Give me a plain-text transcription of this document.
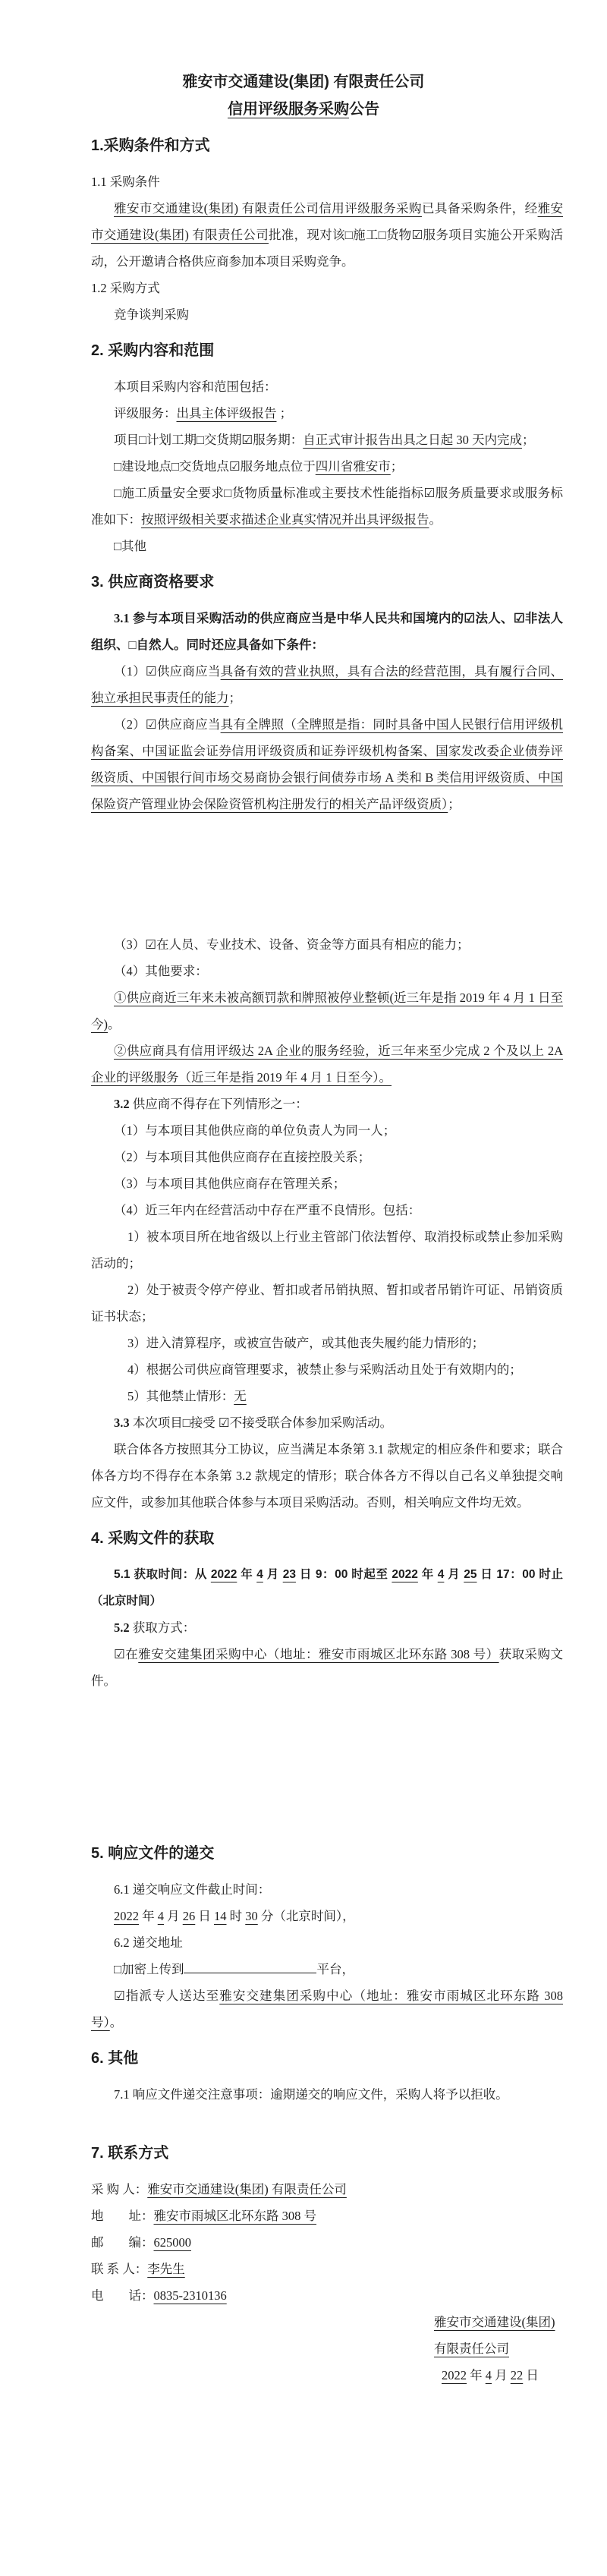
雅安市交通建设(集团) 有限责任公司
信用评级服务采购公告
1.采购条件和方式

1.1 采购条件

雅安市交通建设(集团) 有限责任公司信用评级服务采购已具备采购条件，经雅安市交通建设(集团) 有限责任公司批准，现对该□施工□货物☑服务项目实施公开采购活动，公开邀请合格供应商参加本项目采购竞争。

1.2 采购方式

竞争谈判采购

2. 采购内容和范围

本项目采购内容和范围包括：

评级服务：出具主体评级报告 ；

项目□计划工期□交货期☑服务期：自正式审计报告出具之日起 30 天内完成；

□建设地点□交货地点☑服务地点位于四川省雅安市；

□施工质量安全要求□货物质量标准或主要技术性能指标☑服务质量要求或服务标准如下：按照评级相关要求描述企业真实情况并出具评级报告。

□其他

3. 供应商资格要求

3.1 参与本项目采购活动的供应商应当是中华人民共和国境内的☑法人、☑非法人组织、□自然人。同时还应具备如下条件：

（1）☑供应商应当具备有效的营业执照，具有合法的经营范围，具有履行合同、独立承担民事责任的能力；

（2）☑供应商应当具有全牌照（全牌照是指：同时具备中国人民银行信用评级机构备案、中国证监会证券信用评级资质和证券评级机构备案、国家发改委企业债券评级资质、中国银行间市场交易商协会银行间债券市场 A 类和 B 类信用评级资质、中国保险资产管理业协会保险资管机构注册发行的相关产品评级资质）；

（3）☑在人员、专业技术、设备、资金等方面具有相应的能力；

（4）其他要求：

①供应商近三年来未被高额罚款和牌照被停业整顿(近三年是指 2019 年 4 月 1 日至今)。

②供应商具有信用评级达 2A 企业的服务经验，近三年来至少完成 2 个及以上 2A 企业的评级服务（近三年是指 2019 年 4 月 1 日至今）。

3.2 供应商不得存在下列情形之一：

（1）与本项目其他供应商的单位负责人为同一人；

（2）与本项目其他供应商存在直接控股关系；

（3）与本项目其他供应商存在管理关系；

（4）近三年内在经营活动中存在严重不良情形。包括：

1）被本项目所在地省级以上行业主管部门依法暂停、取消投标或禁止参加采购活动的；

2）处于被责令停产停业、暂扣或者吊销执照、暂扣或者吊销许可证、吊销资质证书状态；

3）进入清算程序，或被宣告破产，或其他丧失履约能力情形的；

4）根据公司供应商管理要求，被禁止参与采购活动且处于有效期内的；

5）其他禁止情形：无

3.3 本次项目□接受 ☑不接受联合体参加采购活动。

联合体各方按照其分工协议，应当满足本条第 3.1 款规定的相应条件和要求；联合体各方均不得存在本条第 3.2 款规定的情形；联合体各方不得以自己名义单独提交响应文件，或参加其他联合体参与本项目采购活动。否则，相关响应文件均无效。

4. 采购文件的获取

5.1 获取时间：从 2022 年 4 月 23 日 9：00 时起至 2022 年 4 月 25 日 17：00 时止（北京时间）

5.2 获取方式：

☑在雅安交建集团采购中心（地址：雅安市雨城区北环东路 308 号）获取采购文件。

5. 响应文件的递交

6.1 递交响应文件截止时间：

2022 年 4 月 26 日 14 时 30 分（北京时间），

6.2 递交地址

□加密上传到	平台，

☑指派专人送达至雅安交建集团采购中心（地址：雅安市雨城区北环东路 308 号）。

6. 其他

7.1 响应文件递交注意事项：逾期递交的响应文件，采购人将予以拒收。

7. 联系方式

采 购 人：雅安市交通建设(集团) 有限责任公司

地　　址：雅安市雨城区北环东路 308 号

邮　　编：625000

联 系 人：李先生

电　　话：0835-2310136

雅安市交通建设(集团) 有限责任公司

2022 年 4 月 22 日
